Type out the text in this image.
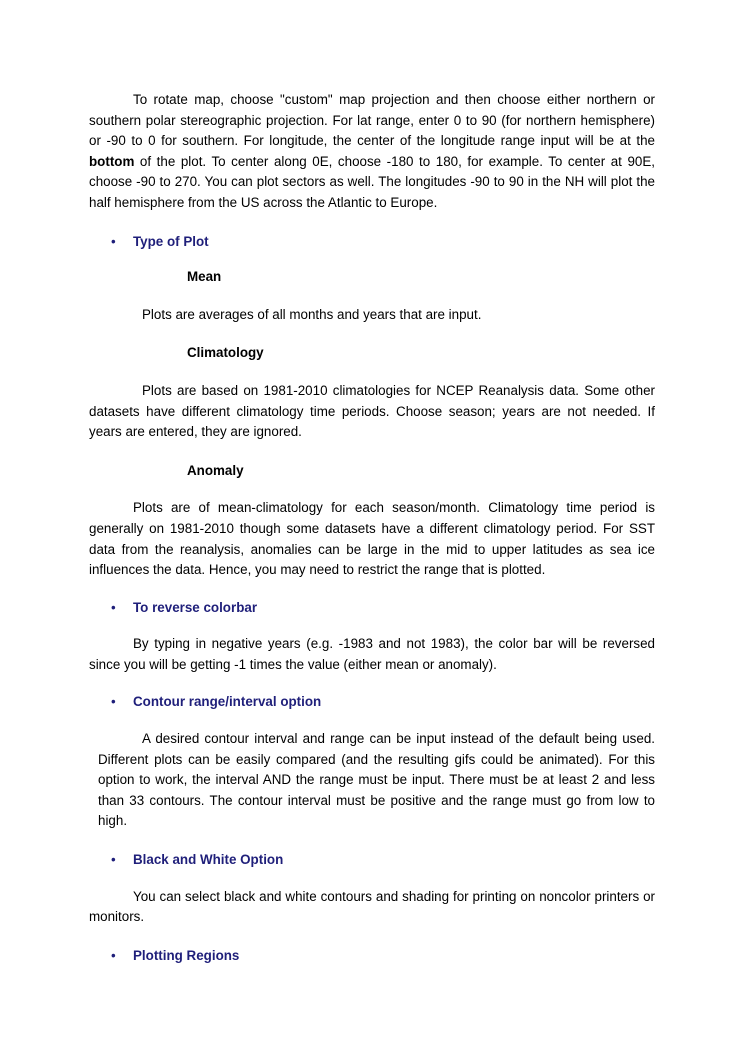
To rotate map, choose "custom" map projection and then choose either northern or southern polar stereographic projection. For lat range, enter 0 to 90 (for northern hemisphere) or -90 to 0 for southern. For longitude, the center of the longitude range input will be at the bottom of the plot. To center along 0E, choose -180 to 180, for example. To center at 90E, choose -90 to 270. You can plot sectors as well. The longitudes -90 to 90 in the NH will plot the half hemisphere from the US across the Atlantic to Europe.

• Type of Plot

Mean

Plots are averages of all months and years that are input.

Climatology

Plots are based on 1981-2010 climatologies for NCEP Reanalysis data. Some other datasets have different climatology time periods. Choose season; years are not needed. If years are entered, they are ignored.

Anomaly

Plots are of mean-climatology for each season/month. Climatology time period is generally on 1981-2010 though some datasets have a different climatology period. For SST data from the reanalysis, anomalies can be large in the mid to upper latitudes as sea ice influences the data. Hence, you may need to restrict the range that is plotted.

• To reverse colorbar

By typing in negative years (e.g. -1983 and not 1983), the color bar will be reversed since you will be getting -1 times the value (either mean or anomaly).

• Contour range/interval option

A desired contour interval and range can be input instead of the default being used. Different plots can be easily compared (and the resulting gifs could be animated). For this option to work, the interval AND the range must be input. There must be at least 2 and less than 33 contours. The contour interval must be positive and the range must go from low to high.

• Black and White Option

You can select black and white contours and shading for printing on noncolor printers or monitors.

• Plotting Regions
